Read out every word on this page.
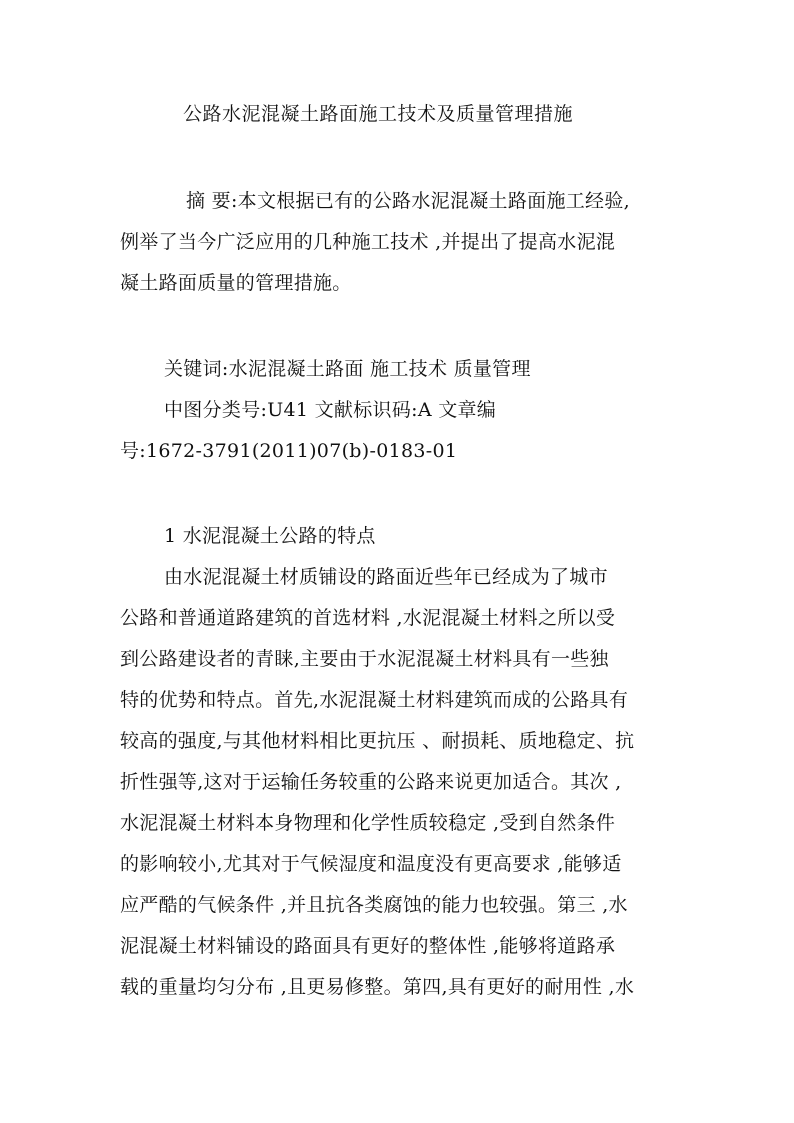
公路水泥混凝土路面施工技术及质量管理措施
摘 要:本文根据已有的公路水泥混凝土路面施工经验,
例举了当今广泛应用的几种施工技术 ,并提出了提高水泥混
凝土路面质量的管理措施。
关键词:水泥混凝土路面 施工技术 质量管理
中图分类号:U41 文献标识码:A 文章编
号:1672-3791(2011)07(b)-0183-01
1 水泥混凝土公路的特点
由水泥混凝土材质铺设的路面近些年已经成为了城市
公路和普通道路建筑的首选材料 ,水泥混凝土材料之所以受
到公路建设者的青睐,主要由于水泥混凝土材料具有一些独
特的优势和特点。首先,水泥混凝土材料建筑而成的公路具有
较高的强度,与其他材料相比更抗压 、耐损耗、质地稳定、抗
折性强等,这对于运输任务较重的公路来说更加适合。其次 ,
水泥混凝土材料本身物理和化学性质较稳定 ,受到自然条件
的影响较小,尤其对于气候湿度和温度没有更高要求 ,能够适
应严酷的气候条件 ,并且抗各类腐蚀的能力也较强。第三 ,水
泥混凝土材料铺设的路面具有更好的整体性 ,能够将道路承
载的重量均匀分布 ,且更易修整。第四,具有更好的耐用性 ,水
